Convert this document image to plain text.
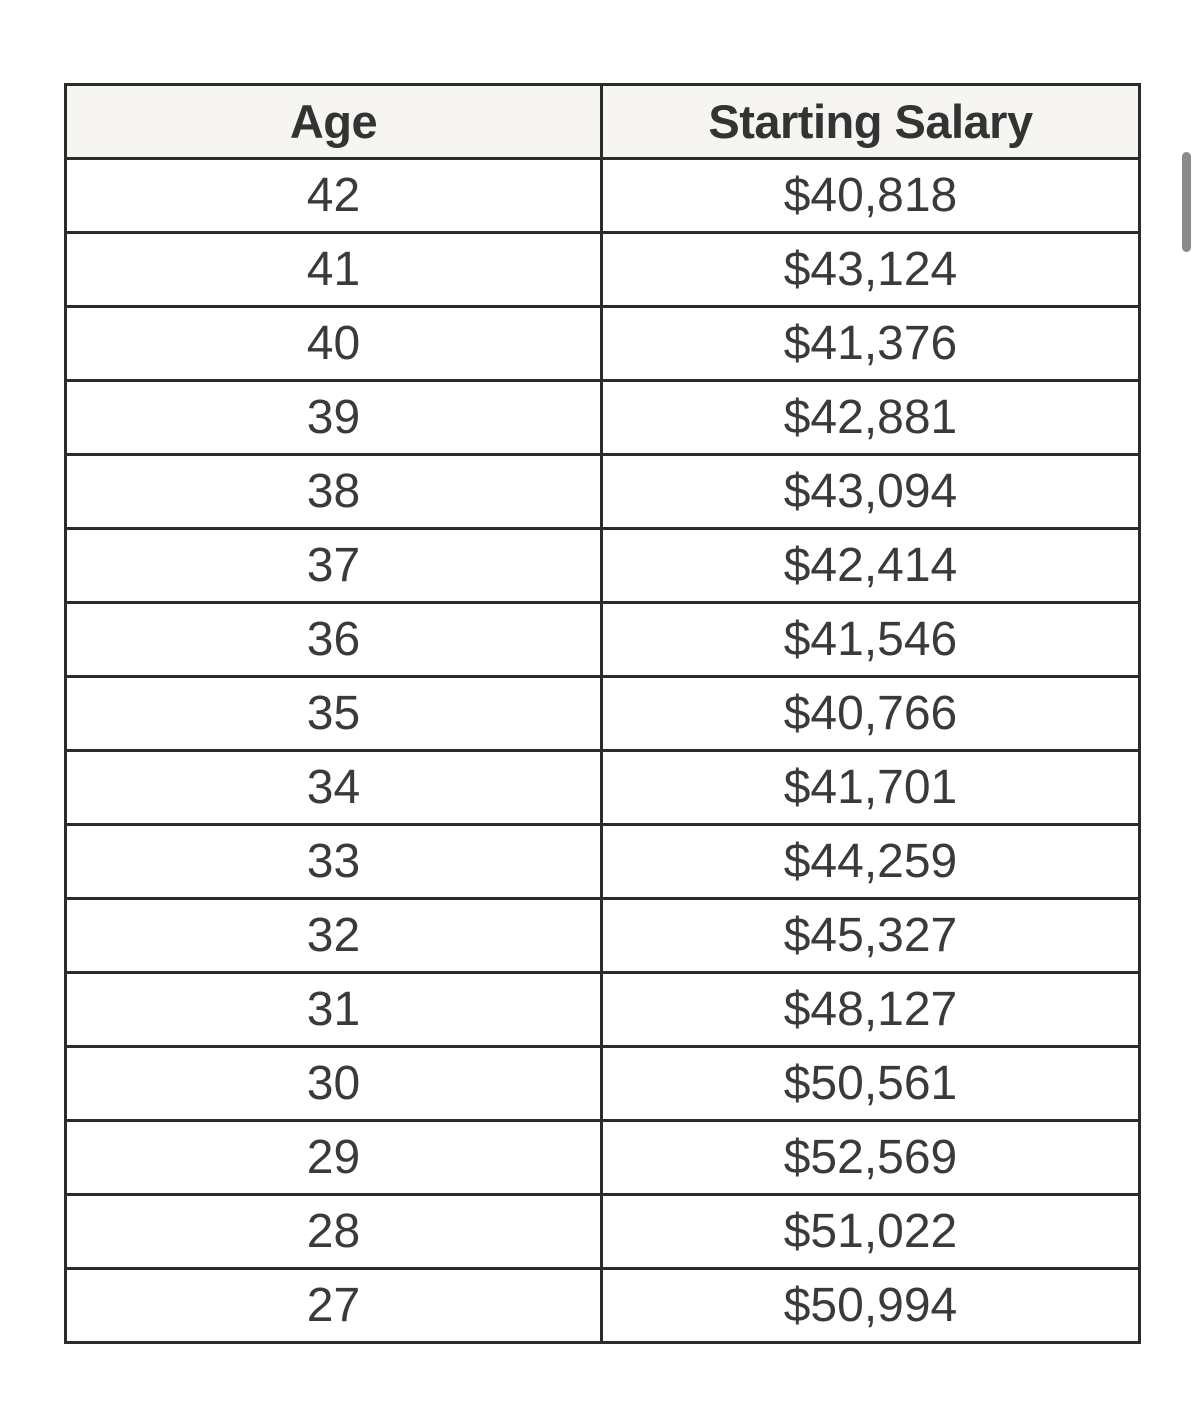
Age	Starting Salary
42	$40,818
41	$43,124
40	$41,376
39	$42,881
38	$43,094
37	$42,414
36	$41,546
35	$40,766
34	$41,701
33	$44,259
32	$45,327
31	$48,127
30	$50,561
29	$52,569
28	$51,022
27	$50,994
